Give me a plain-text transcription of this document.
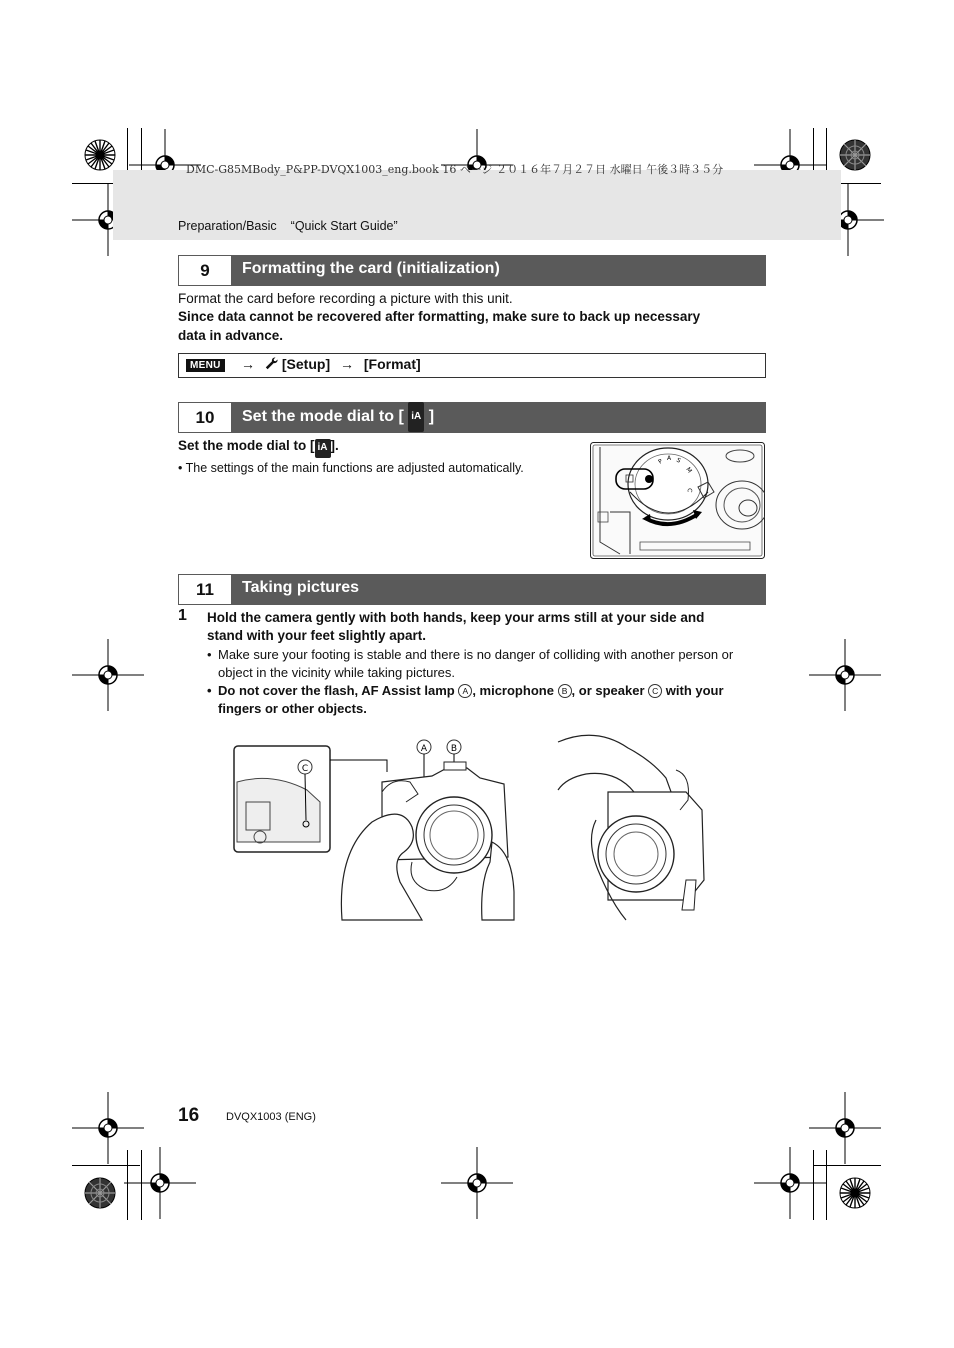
DMC-G85MBody_P&PP-DVQX1003_eng.book 16 ページ ２０１６年７月２７日 水曜日 午後３時３５分
Preparation/Basic “Quick Start Guide”
9	Formatting the card (initialization)
Format the card before recording a picture with this unit.
Since data cannot be recovered after formatting, make sure to back up necessary
data in advance.
MENU	→ [Setup] → [Format]
10	Set the mode dial to [ iA ]
Set the mode dial to [ iA ].
• The settings of the main functions are adjusted automatically.	P A S
M
C
11	Taking pictures
1 Hold the camera gently with both hands, keep your arms still at your side and
stand with your feet slightly apart.
• Make sure your footing is stable and there is no danger of colliding with another person or
object in the vicinity while taking pictures.
• Do not cover the flash, AF Assist lamp A , microphone B , or speaker C with your
fingers or other objects.
C
A	B
16 DVQX1003 (ENG)
